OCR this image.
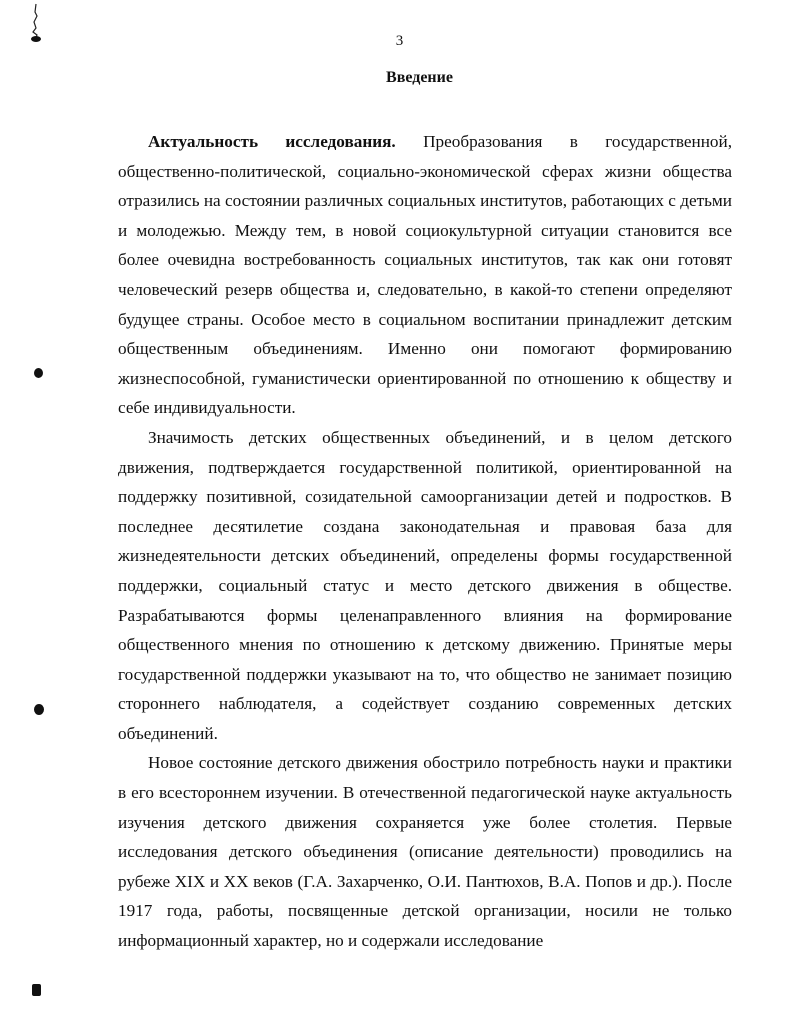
3
Введение

Актуальность исследования. Преобразования в государственной, общественно-политической, социально-экономической сферах жизни общества отразились на состоянии различных социальных институтов, работающих с детьми и молодежью. Между тем, в новой социокультурной ситуации становится все более очевидна востребованность социальных институтов, так как они готовят человеческий резерв общества и, следовательно, в какой-то степени определяют будущее страны. Особое место в социальном воспитании принадлежит детским общественным объединениям. Именно они помогают формированию жизнеспособной, гуманистически ориентированной по отношению к обществу и себе индивидуальности.

Значимость детских общественных объединений, и в целом детского движения, подтверждается государственной политикой, ориентированной на поддержку позитивной, созидательной самоорганизации детей и подростков. В последнее десятилетие создана законодательная и правовая база для жизнедеятельности детских объединений, определены формы государственной поддержки, социальный статус и место детского движения в обществе. Разрабатываются формы целенаправленного влияния на формирование общественного мнения по отношению к детскому движению. Принятые меры государственной поддержки указывают на то, что общество не занимает позицию стороннего наблюдателя, а содействует созданию современных детских объединений.

Новое состояние детского движения обострило потребность науки и практики в его всестороннем изучении. В отечественной педагогической науке актуальность изучения детского движения сохраняется уже более столетия. Первые исследования детского объединения (описание деятельности) проводились на рубеже XIX и XX веков (Г.А. Захарченко, О.И. Пантюхов, В.А. Попов и др.). После 1917 года, работы, посвященные детской организации, носили не только информационный характер, но и содержали исследование
